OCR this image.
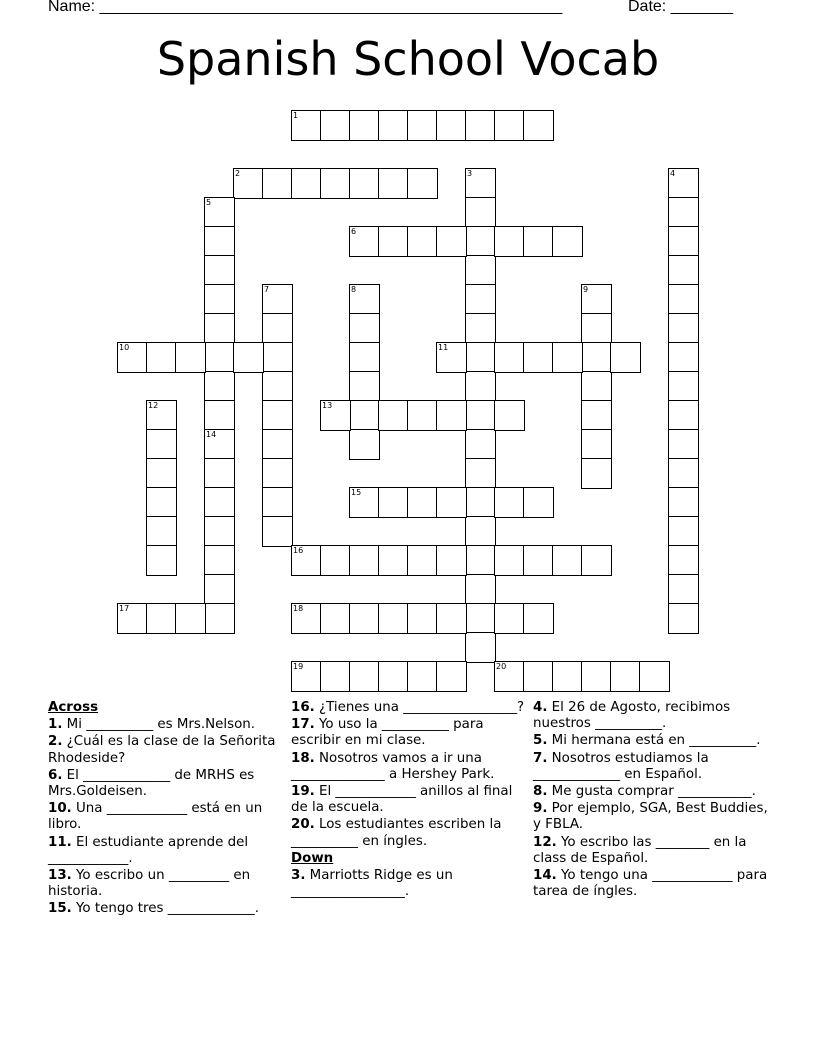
Name: ____________________________________________________	Date: _______
Spanish School Vocab
1
2	3	4
5
6
7	8	9
10	11
12	13
14
15
16
17	18
19	20
Across
1. Mi __________ es Mrs.Nelson.
2. ¿Cuál es la clase de la Señorita Rhodeside?
6. El _____________ de MRHS es Mrs.Goldeisen.
10. Una ____________ está en un libro.
11. El estudiante aprende del ____________.
13. Yo escribo un _________ en historia.
15. Yo tengo tres _____________.
16. ¿Tienes una _________________?
17. Yo uso la __________ para escribir en mi clase.
18. Nosotros vamos a ir una ______________ a Hershey Park.
19. El ____________ anillos al final de la escuela.
20. Los estudiantes escriben la __________ en íngles.
Down
3. Marriotts Ridge es un _________________.
4. El 26 de Agosto, recibimos nuestros __________.
5. Mi hermana está en __________.
7. Nosotros estudiamos la _____________ en Español.
8. Me gusta comprar ___________.
9. Por ejemplo, SGA, Best Buddies, y FBLA.
12. Yo escribo las ________ en la class de Español.
14. Yo tengo una ____________ para tarea de íngles.
